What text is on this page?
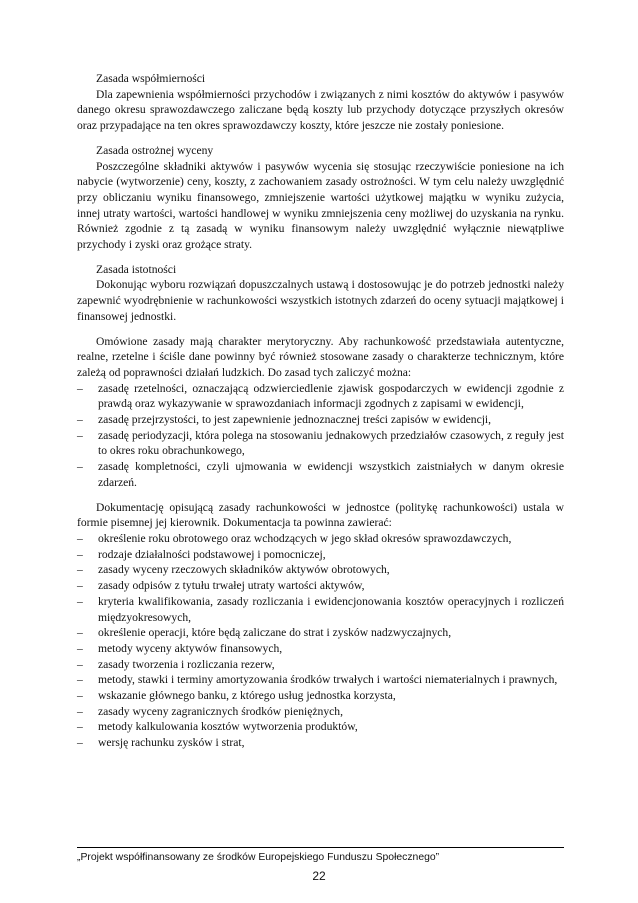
Zasada współmierności

Dla zapewnienia współmierności przychodów i związanych z nimi kosztów do aktywów i pasywów danego okresu sprawozdawczego zaliczane będą koszty lub przychody dotyczące przyszłych okresów oraz przypadające na ten okres sprawozdawczy koszty, które jeszcze nie zostały poniesione.

Zasada ostrożnej wyceny

Poszczególne składniki aktywów i pasywów wycenia się stosując rzeczywiście poniesione na ich nabycie (wytworzenie) ceny, koszty, z zachowaniem zasady ostrożności. W tym celu należy uwzględnić przy obliczaniu wyniku finansowego, zmniejszenie wartości użytkowej majątku w wyniku zużycia, innej utraty wartości, wartości handlowej w wyniku zmniejszenia ceny możliwej do uzyskania na rynku. Również zgodnie z tą zasadą w wyniku finansowym należy uwzględnić wyłącznie niewątpliwe przychody i zyski oraz grożące straty.

Zasada istotności

Dokonując wyboru rozwiązań dopuszczalnych ustawą i dostosowując je do potrzeb jednostki należy zapewnić wyodrębnienie w rachunkowości wszystkich istotnych zdarzeń do oceny sytuacji majątkowej i finansowej jednostki.

Omówione zasady mają charakter merytoryczny. Aby rachunkowość przedstawiała autentyczne, realne, rzetelne i ściśle dane powinny być również stosowane zasady o charakterze technicznym, które zależą od poprawności działań ludzkich. Do zasad tych zaliczyć można:

– zasadę rzetelności, oznaczającą odzwierciedlenie zjawisk gospodarczych w ewidencji zgodnie z prawdą oraz wykazywanie w sprawozdaniach informacji zgodnych z zapisami w ewidencji,
– zasadę przejrzystości, to jest zapewnienie jednoznacznej treści zapisów w ewidencji,
– zasadę periodyzacji, która polega na stosowaniu jednakowych przedziałów czasowych, z reguły jest to okres roku obrachunkowego,
– zasadę kompletności, czyli ujmowania w ewidencji wszystkich zaistniałych w danym okresie zdarzeń.

Dokumentację opisującą zasady rachunkowości w jednostce (politykę rachunkowości) ustala w formie pisemnej jej kierownik. Dokumentacja ta powinna zawierać:

– określenie roku obrotowego oraz wchodzących w jego skład okresów sprawozdawczych,
– rodzaje działalności podstawowej i pomocniczej,
– zasady wyceny rzeczowych składników aktywów obrotowych,
– zasady odpisów z tytułu trwałej utraty wartości aktywów,
– kryteria kwalifikowania, zasady rozliczania i ewidencjonowania kosztów operacyjnych i rozliczeń międzyokresowych,
– określenie operacji, które będą zaliczane do strat i zysków nadzwyczajnych,
– metody wyceny aktywów finansowych,
– zasady tworzenia i rozliczania rezerw,
– metody, stawki i terminy amortyzowania środków trwałych i wartości niematerialnych i prawnych,
– wskazanie głównego banku, z którego usług jednostka korzysta,
– zasady wyceny zagranicznych środków pieniężnych,
– metody kalkulowania kosztów wytworzenia produktów,
– wersję rachunku zysków i strat,
„Projekt współfinansowany ze środków Europejskiego Funduszu Społecznego”
22
